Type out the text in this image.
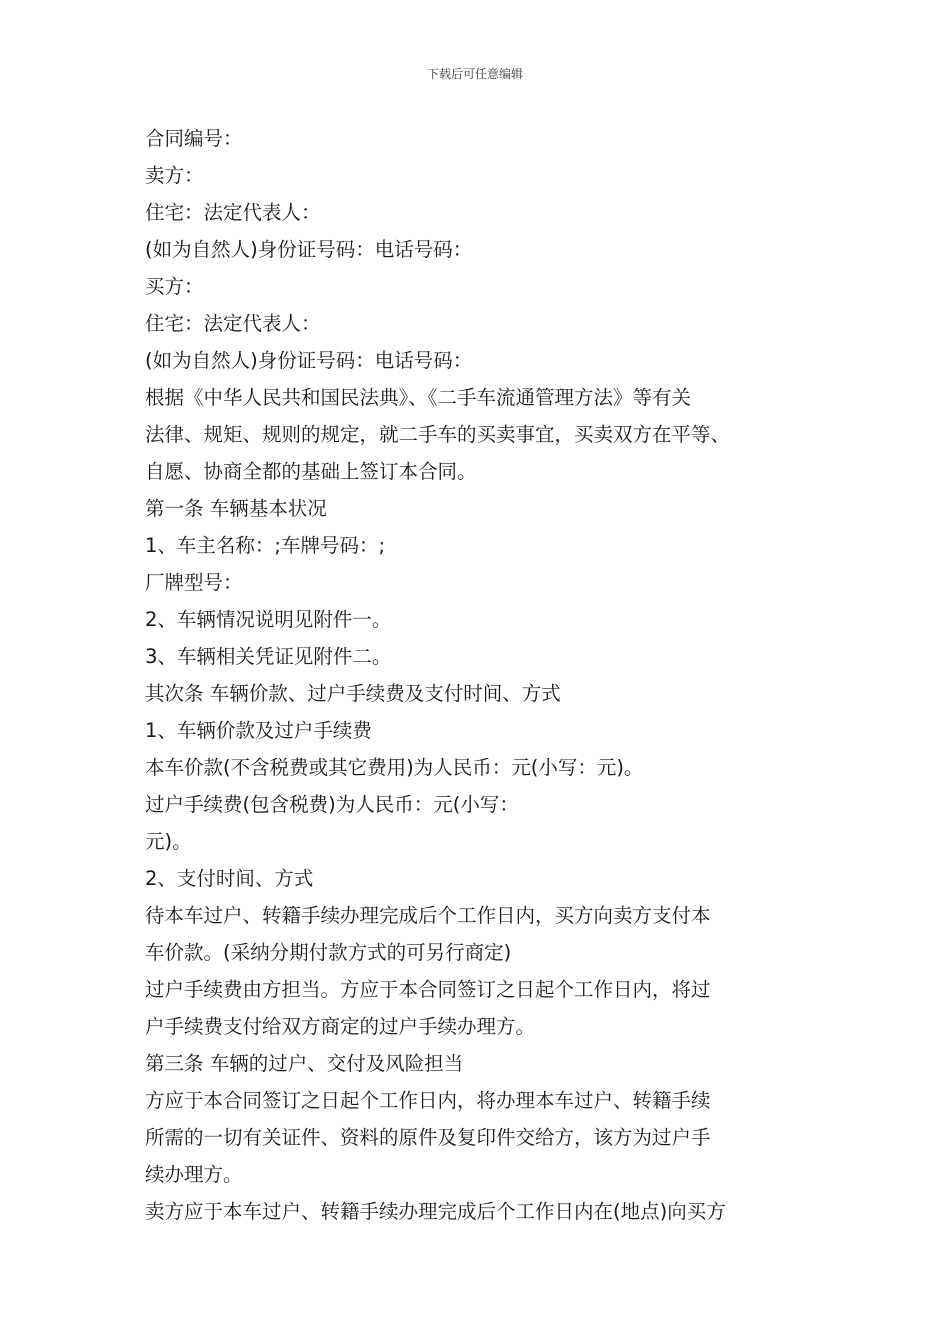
下载后可任意编辑

合同编号：

卖方：

住宅：法定代表人：

(如为自然人)身份证号码：电话号码：

买方：

住宅：法定代表人：

(如为自然人)身份证号码：电话号码：

根据《中华人民共和国民法典》、《二手车流通管理方法》等有关

法律、规矩、规则的规定，就二手车的买卖事宜，买卖双方在平等、

自愿、协商全都的基础上签订本合同。

第一条 车辆基本状况

1、车主名称：;车牌号码：;

厂牌型号：

2、车辆情况说明见附件一。

3、车辆相关凭证见附件二。

其次条 车辆价款、过户手续费及支付时间、方式

1、车辆价款及过户手续费

本车价款(不含税费或其它费用)为人民币：元(小写：元)。

过户手续费(包含税费)为人民币：元(小写：

元)。

2、支付时间、方式

待本车过户、转籍手续办理完成后个工作日内，买方向卖方支付本

车价款。(采纳分期付款方式的可另行商定)

过户手续费由方担当。方应于本合同签订之日起个工作日内，将过

户手续费支付给双方商定的过户手续办理方。

第三条 车辆的过户、交付及风险担当

方应于本合同签订之日起个工作日内，将办理本车过户、转籍手续

所需的一切有关证件、资料的原件及复印件交给方，该方为过户手

续办理方。

卖方应于本车过户、转籍手续办理完成后个工作日内在(地点)向买方
